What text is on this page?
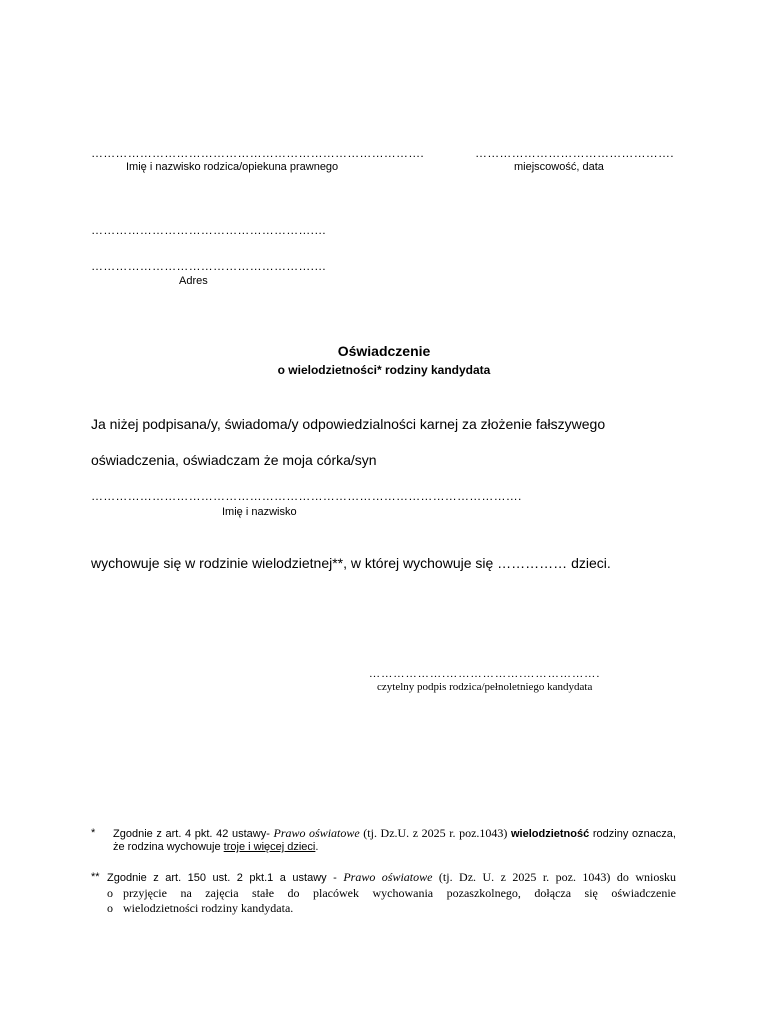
……………………………………………………………………….
Imię i nazwisko rodzica/opiekuna prawnego
………………………………………….
miejscowość, data
……………………………………………….…
……………………………………………….…
Adres
Oświadczenie
o wielodzietności* rodziny kandydata
Ja niżej podpisana/y, świadoma/y odpowiedzialności karnej za złożenie fałszywego
oświadczenia, oświadczam że moja córka/syn
…………………………………………………………………………………………….
Imię i nazwisko
wychowuje się w rodzinie wielodzietnej**, w której wychowuje się …………… dzieci.
……………….……………….……………….
czytelny podpis rodzica/pełnoletniego kandydata
*	Zgodnie z art. 4 pkt. 42 ustawy- Prawo oświatowe (tj. Dz.U. z 2025 r. poz.1043) wielodzietność rodziny oznacza, że rodzina wychowuje troje i więcej dzieci.
** Zgodnie z art. 150 ust. 2 pkt.1 a ustawy - Prawo oświatowe (tj. Dz. U. z 2025 r. poz. 1043) do wniosku
o przyjęcie na zajęcia stałe do placówek wychowania pozaszkolnego, dołącza się oświadczenie
o wielodzietności rodziny kandydata.
